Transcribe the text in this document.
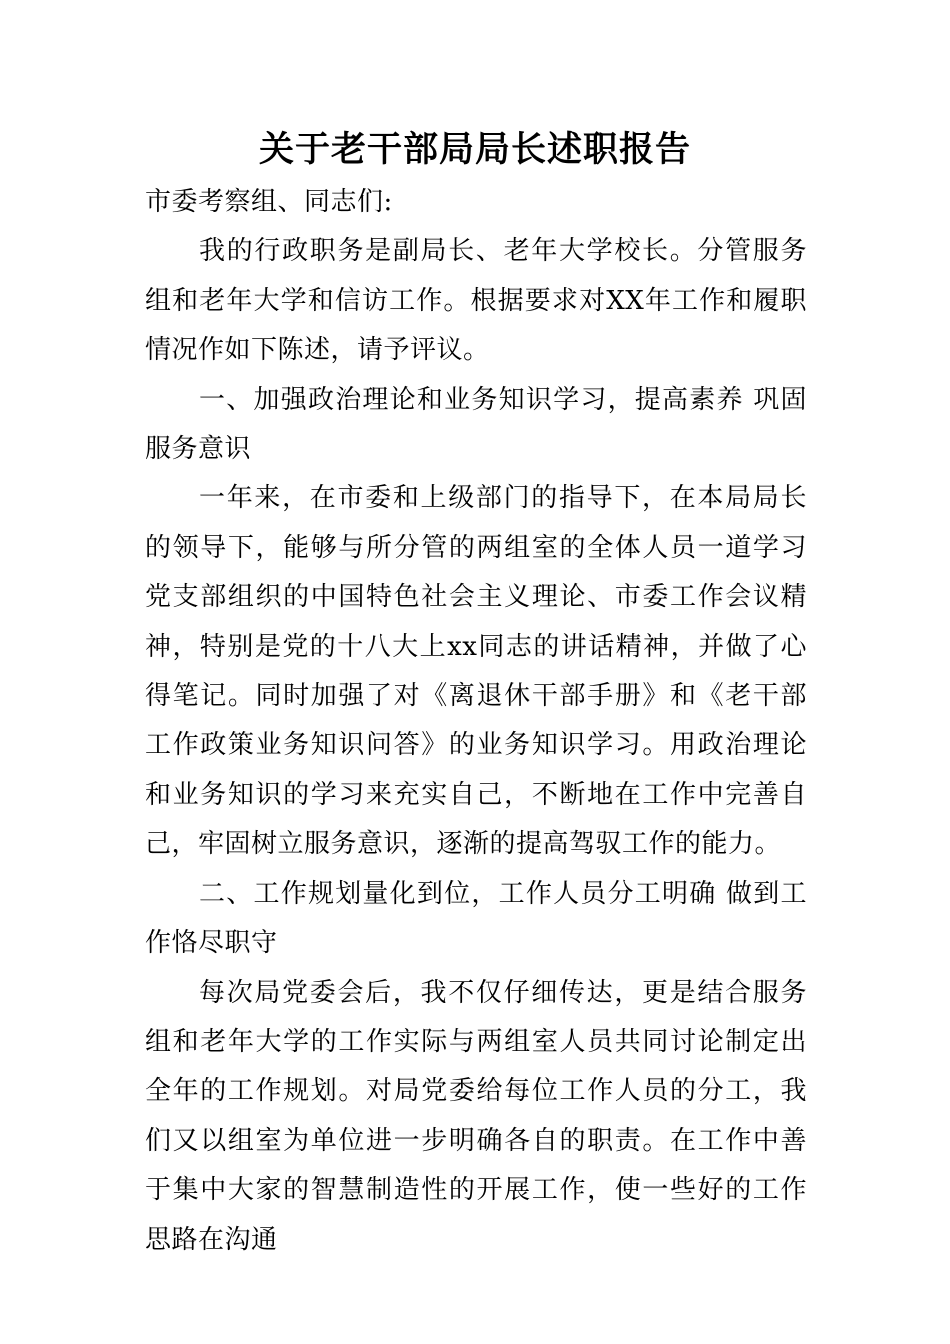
关于老干部局局长述职报告

市委考察组、同志们:

我的行政职务是副局长、老年大学校长。分管服务组和老年大学和信访工作。根据要求对XX年工作和履职情况作如下陈述，请予评议。

一、加强政治理论和业务知识学习，提高素养 巩固服务意识

一年来，在市委和上级部门的指导下，在本局局长的领导下，能够与所分管的两组室的全体人员一道学习党支部组织的中国特色社会主义理论、市委工作会议精神，特别是党的十八大上xx同志的讲话精神，并做了心得笔记。同时加强了对《离退休干部手册》和《老干部工作政策业务知识问答》的业务知识学习。用政治理论和业务知识的学习来充实自己，不断地在工作中完善自己，牢固树立服务意识，逐渐的提高驾驭工作的能力。

二、工作规划量化到位，工作人员分工明确 做到工作恪尽职守

每次局党委会后，我不仅仔细传达，更是结合服务组和老年大学的工作实际与两组室人员共同讨论制定出全年的工作规划。对局党委给每位工作人员的分工，我们又以组室为单位进一步明确各自的职责。在工作中善于集中大家的智慧制造性的开展工作，使一些好的工作思路在沟通
